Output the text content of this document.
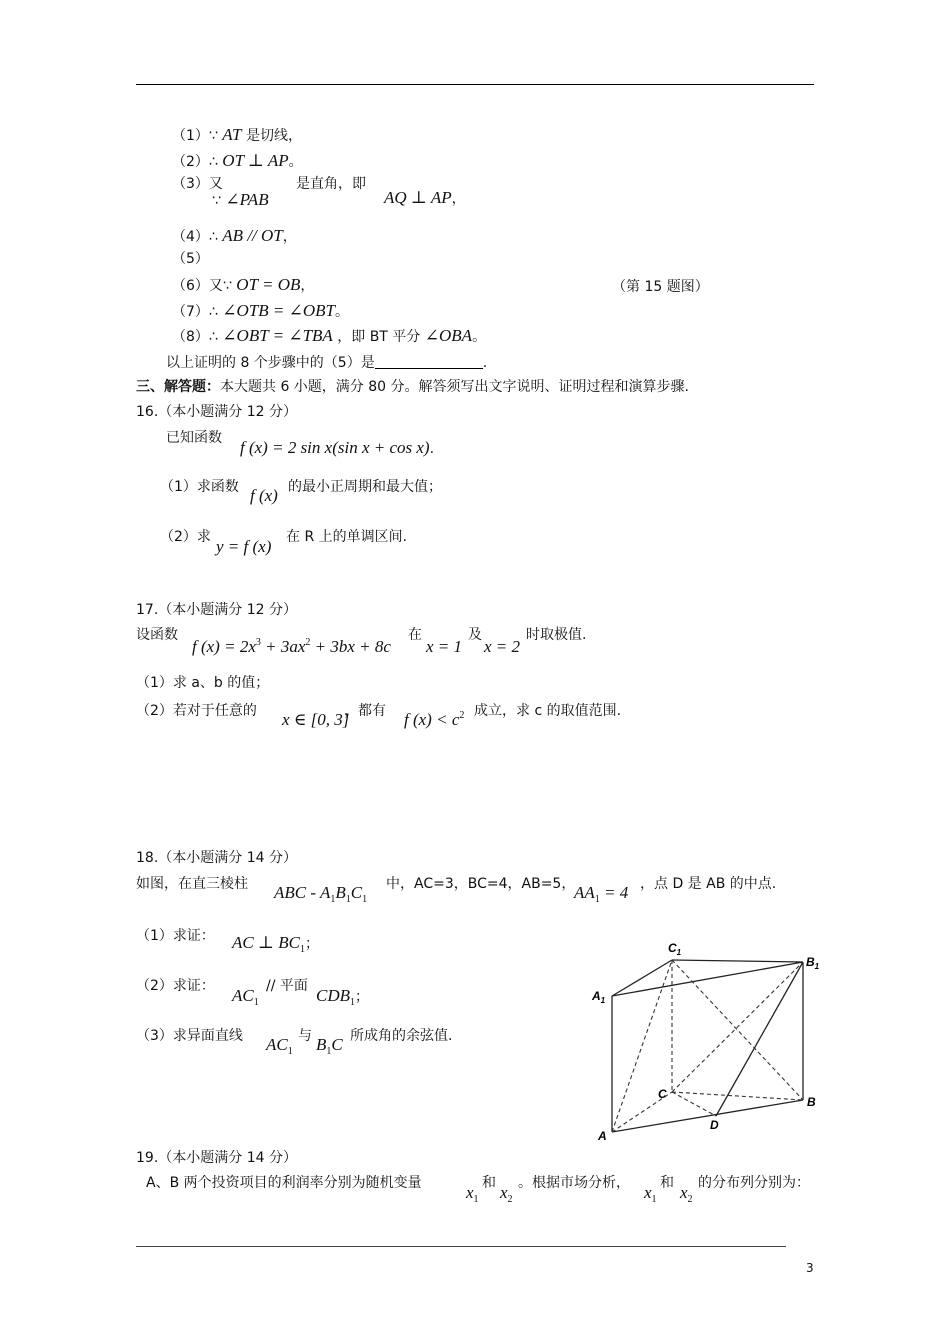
（1）∵ AT 是切线，
（2）∴ OT ⊥ AP。
（3）又
∵ ∠PAB
是直角，即
AQ ⊥ AP，
（4）∴ AB // OT，
（5）
（6）又∵ OT = OB，	（第 15 题图）
（7）∴ ∠OTB = ∠OBT。
（8）∴ ∠OBT = ∠TBA ，即 BT 平分 ∠OBA。
以上证明的 8 个步骤中的（5）是	.
三、解答题：本大题共 6 小题，满分 80 分。解答须写出文字说明、证明过程和演算步骤.
16.（本小题满分 12 分）
已知函数 f (x) = 2 sin x(sin x + cos x).
（1）求函数 f (x) 的最小正周期和最大值；
（2）求 y = f (x) 在 R 上的单调区间.
17.（本小题满分 12 分）
设函数
f $(x) = 2x^3 + 3ax^2 + 3bx + 8c$
在
x = 1
及
x = 2
时取极值.
（1）求 a、b 的值；
（2）若对于任意的 x ∈ [0, 3]
，都有 f $(x) < c^2$ 成立，求 c 的取值范围.
18.（本小题满分 14 分）
如图，在直三棱柱 ABC - $A_1B_1C_1$
中，AC=3，BC=4，AB=5，
$AA_1 = 4$ ，点 D 是 AB 的中点.
（1）求证： AC ⊥ $BC_1$；
（2）求证： $AC_1$
// 平面 $CDB_1$；
（3）求异面直线 $AC_1$
与 $B_1C$ 所成角的余弦值.
$C_1$
$B_1$
$A_1$
C
B
A
D
19.（本小题满分 14 分）
A、B 两个投资项目的利润率分别为随机变量	$x_1$
和 $x_2$
。根据市场分析， $x_1$
和 $x_2$
的分布列分别为：
3
